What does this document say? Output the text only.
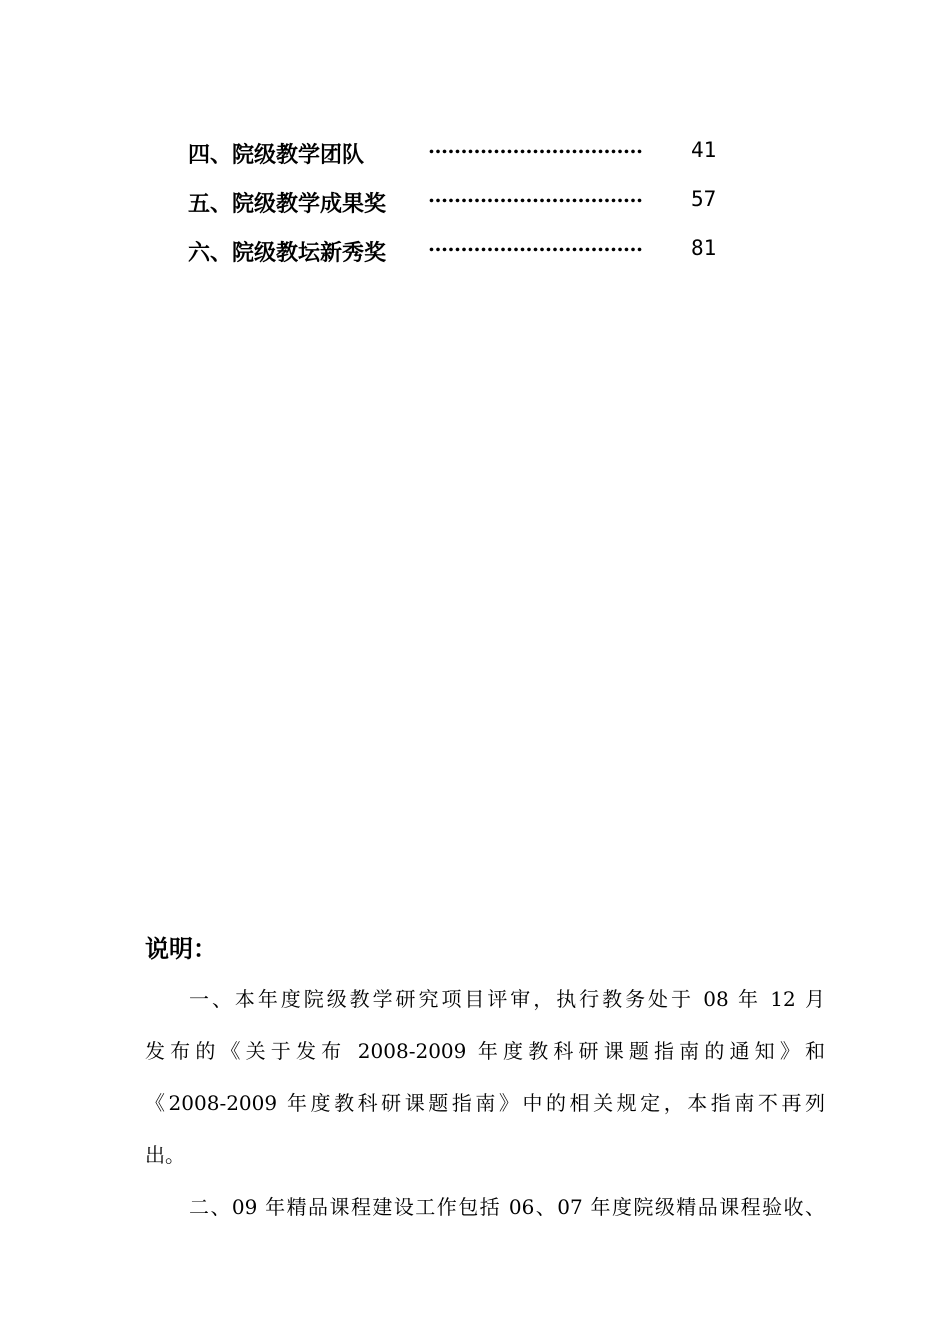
四、院级教学团队	…………………………… 41
五、院级教学成果奖 …………………………… 57
六、院级教坛新秀奖 …………………………… 81
说明：
一、本年度院级教学研究项目评审，执行教务处于 08 年 12 月
发布的《关于发布 2008-2009 年度教科研课题指南的通知》和
《2008-2009 年度教科研课题指南》中的相关规定，本指南不再列
出。
二、09 年精品课程建设工作包括 06、07 年度院级精品课程验收、
